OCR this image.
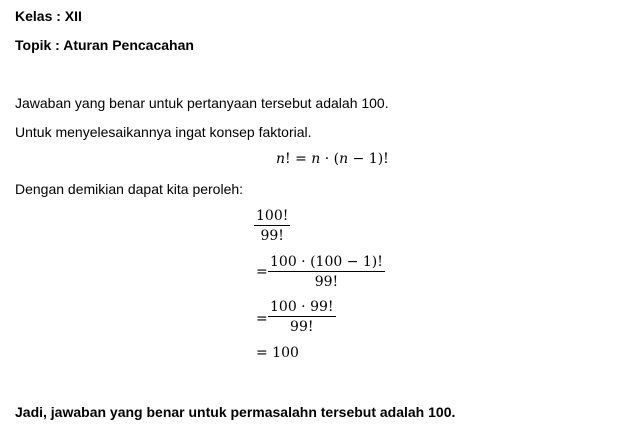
Kelas : XII
Topik : Aturan Pencacahan
Jawaban yang benar untuk pertanyaan tersebut adalah 100.
Untuk menyelesaikannya ingat konsep faktorial.
n! = n · (n − 1)!
Dengan demikian dapat kita peroleh:
100!
99!
=
100 · (100 − 1)!
99!
=
100 · 99!
99!
= 100
Jadi, jawaban yang benar untuk permasalahn tersebut adalah 100.
